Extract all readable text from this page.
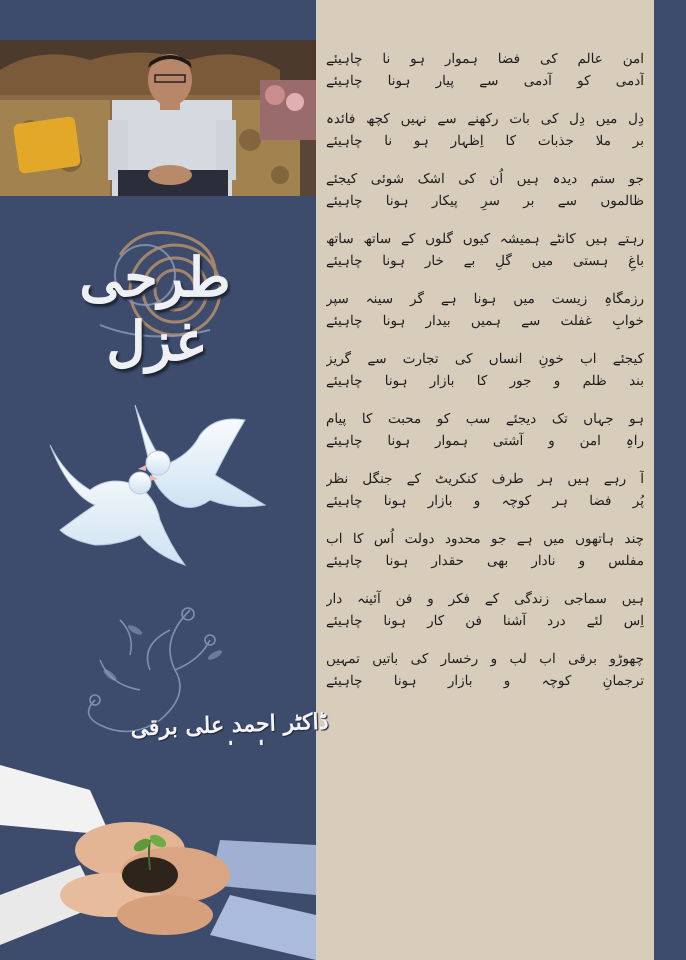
طرحی غزل
ڈاکٹر احمد علی برقی
امن عالم کی فضا ہموار ہو نا چاہیئے
آدمی کو آدمی سے پیار ہونا چاہیئے
دِل میں دِل کی بات رکھنے سے نہیں کچھ فائدہ
بر ملا جذبات کا اِظہار ہو نا چاہیئے
جو ستم دیدہ ہیں اُن کی اشک شوئی کیجئے
ظالموں سے بر سرِ پیکار ہونا چاہیئے
رہتے ہیں کانٹے ہمیشہ کیوں گلوں کے ساتھ ساتھ
باغِ ہستی میں گلِ بے خار ہونا چاہیئے
رزمگاہِ زیست میں ہونا ہے گر سینہ سپر
خوابِ غفلت سے ہمیں بیدار ہونا چاہیئے
کیجئے اب خونِ انساں کی تجارت سے گریز
بند ظلم و جور کا بازار ہونا چاہیئے
ہو جہاں تک دیجئے سب کو محبت کا پیام
راہِ امن و آشتی ہموار ہونا چاہیئے
آ رہے ہیں ہر طرف کنکریٹ کے جنگل نظر
پُر فضا ہر کوچہ و بازار ہونا چاہیئے
چند ہاتھوں میں ہے جو محدود دولت اُس کا اب
مفلس و نادار بھی حقدار ہونا چاہیئے
ہیں سماجی زندگی کے فکر و فن آئینہ دار
اِس لئے درد آشنا فن کار ہونا چاہیئے
چھوڑو برقی اب لب و رخسار کی باتیں تمہیں
ترجمانِ کوچہ و بازار ہونا چاہیئے
